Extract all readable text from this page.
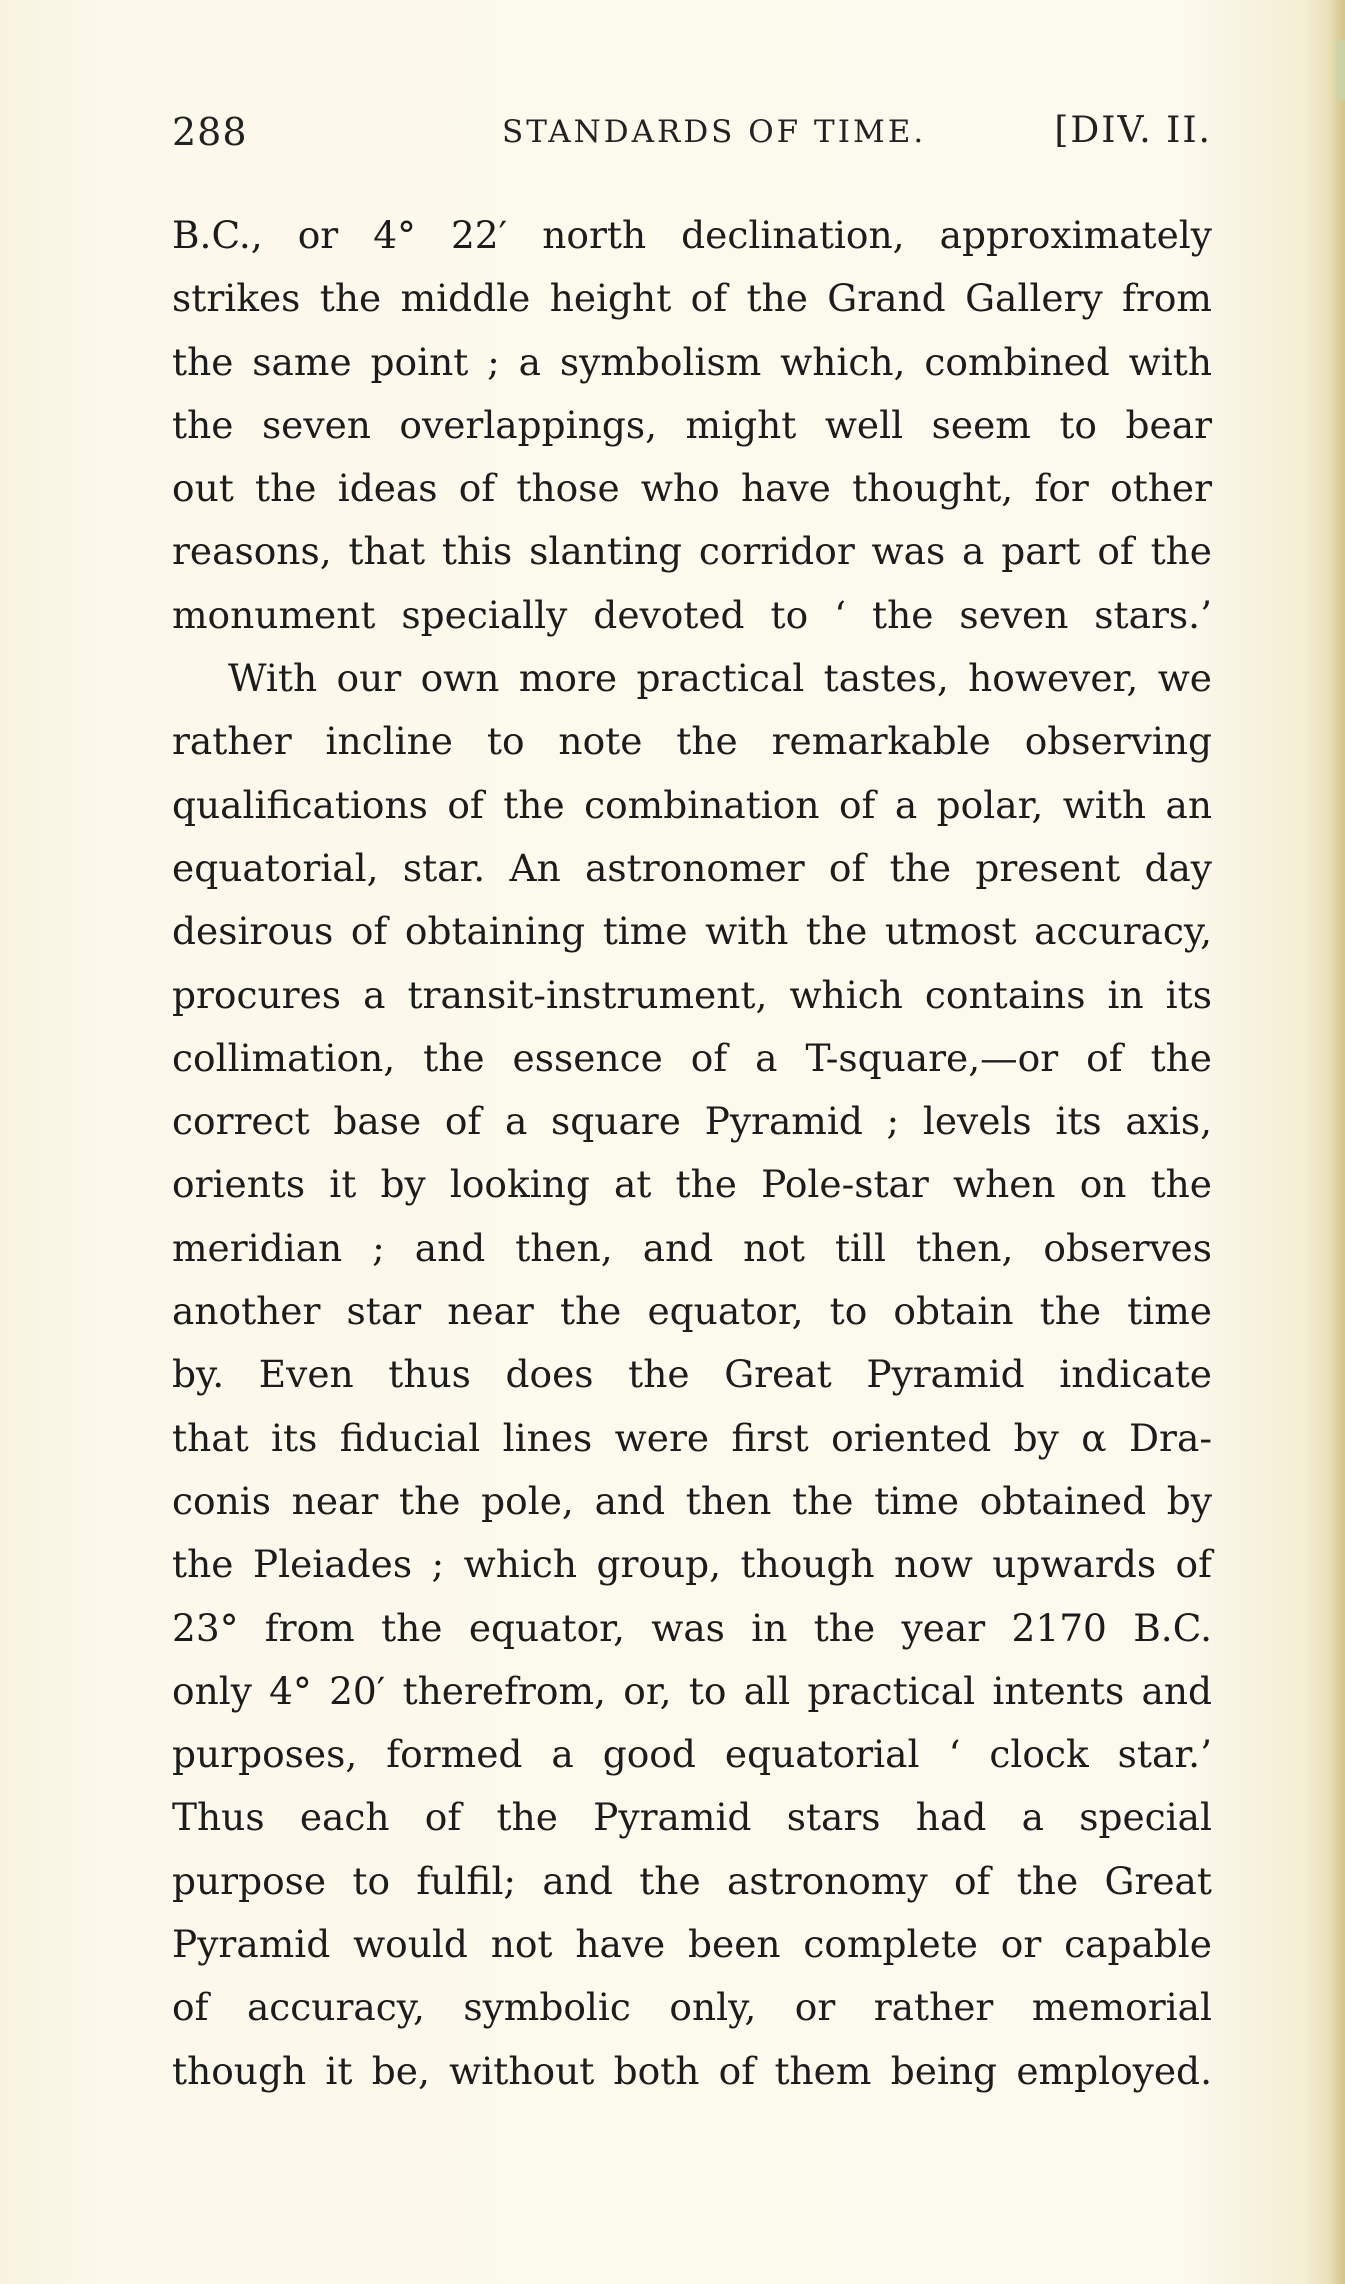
288	STANDARDS OF TIME.	[DIV. II.
B.C., or 4° 22′ north declination, approximately
strikes the middle height of the Grand Gallery from
the same point ; a symbolism which, combined with
the seven overlappings, might well seem to bear
out the ideas of those who have thought, for other
reasons, that this slanting corridor was a part of the
monument specially devoted to ‘ the seven stars.’
With our own more practical tastes, however, we
rather incline to note the remarkable observing
qualifications of the combination of a polar, with an
equatorial, star. An astronomer of the present day
desirous of obtaining time with the utmost accuracy,
procures a transit-instrument, which contains in its
collimation, the essence of a T-square,—or of the
correct base of a square Pyramid ; levels its axis,
orients it by looking at the Pole-star when on the
meridian ; and then, and not till then, observes
another star near the equator, to obtain the time
by. Even thus does the Great Pyramid indicate
that its fiducial lines were first oriented by α Dra-
conis near the pole, and then the time obtained by
the Pleiades ; which group, though now upwards of
23° from the equator, was in the year 2170 B.C.
only 4° 20′ therefrom, or, to all practical intents and
purposes, formed a good equatorial ‘ clock star.’
Thus each of the Pyramid stars had a special
purpose to fulfil; and the astronomy of the Great
Pyramid would not have been complete or capable
of accuracy, symbolic only, or rather memorial
though it be, without both of them being employed.
